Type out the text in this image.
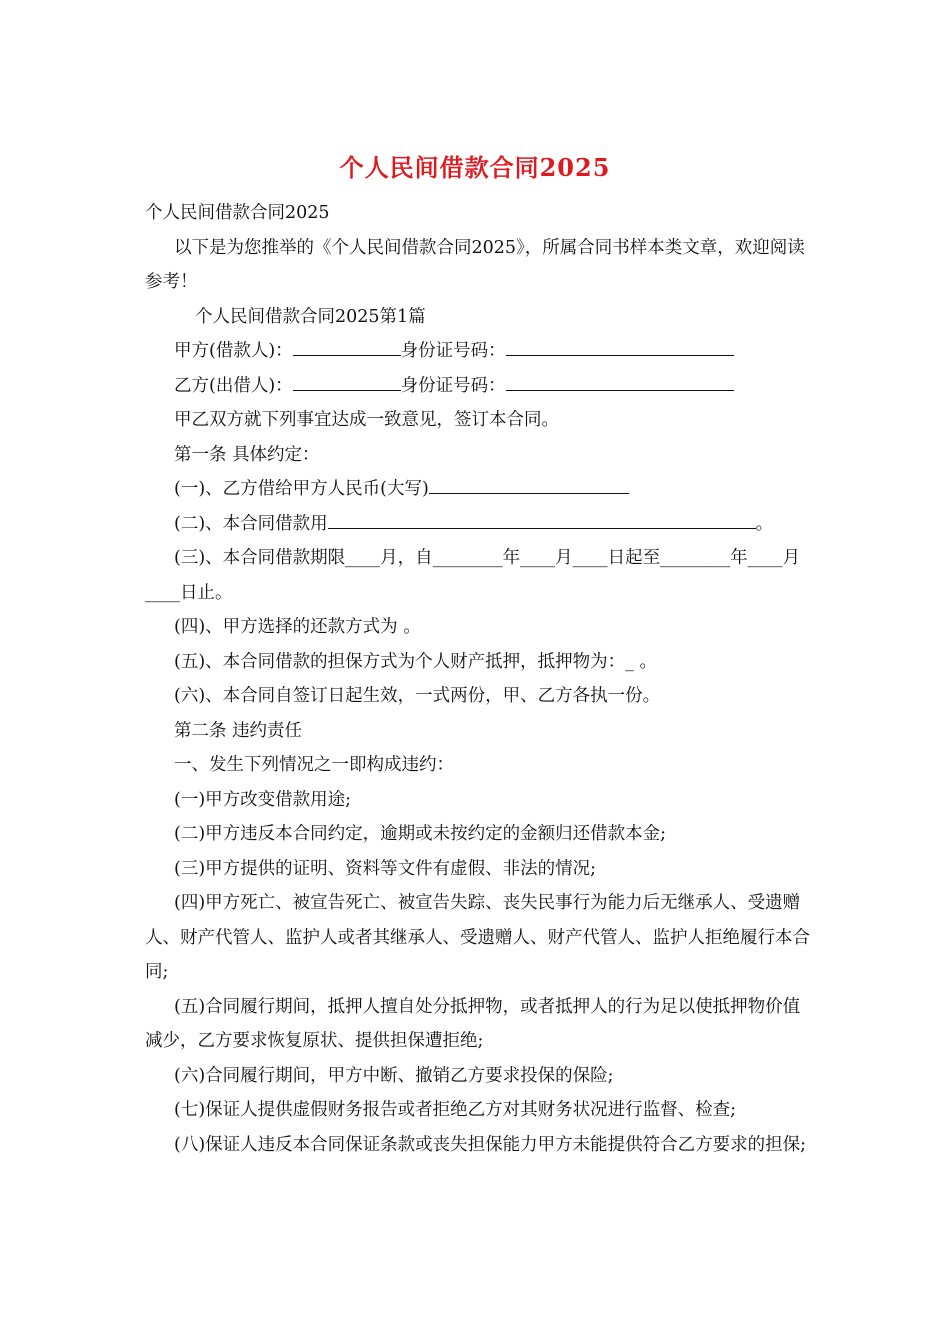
个人民间借款合同2025

个人民间借款合同2025

以下是为您推举的《个人民间借款合同2025》，所属合同书样本类文章，欢迎阅读参考！

个人民间借款合同2025第1篇

甲方(借款人)：	身份证号码：
乙方(出借人)：	身份证号码：

甲乙双方就下列事宜达成一致意见，签订本合同。

第一条 具体约定：

(一)、乙方借给甲方人民币(大写)
(二)、本合同借款用	。

(三)、本合同借款期限____月，自________年____月____日起至________年____月____日止。

(四)、甲方选择的还款方式为 。

(五)、本合同借款的担保方式为个人财产抵押，抵押物为：_ 。

(六)、本合同自签订日起生效，一式两份，甲、乙方各执一份。

第二条 违约责任

一、发生下列情况之一即构成违约：

(一)甲方改变借款用途;

(二)甲方违反本合同约定，逾期或未按约定的金额归还借款本金;

(三)甲方提供的证明、资料等文件有虚假、非法的情况;

(四)甲方死亡、被宣告死亡、被宣告失踪、丧失民事行为能力后无继承人、受遗赠人、财产代管人、监护人或者其继承人、受遗赠人、财产代管人、监护人拒绝履行本合同;

(五)合同履行期间，抵押人擅自处分抵押物，或者抵押人的行为足以使抵押物价值减少，乙方要求恢复原状、提供担保遭拒绝;

(六)合同履行期间，甲方中断、撤销乙方要求投保的保险;

(七)保证人提供虚假财务报告或者拒绝乙方对其财务状况进行监督、检查;

(八)保证人违反本合同保证条款或丧失担保能力甲方未能提供符合乙方要求的担保;
